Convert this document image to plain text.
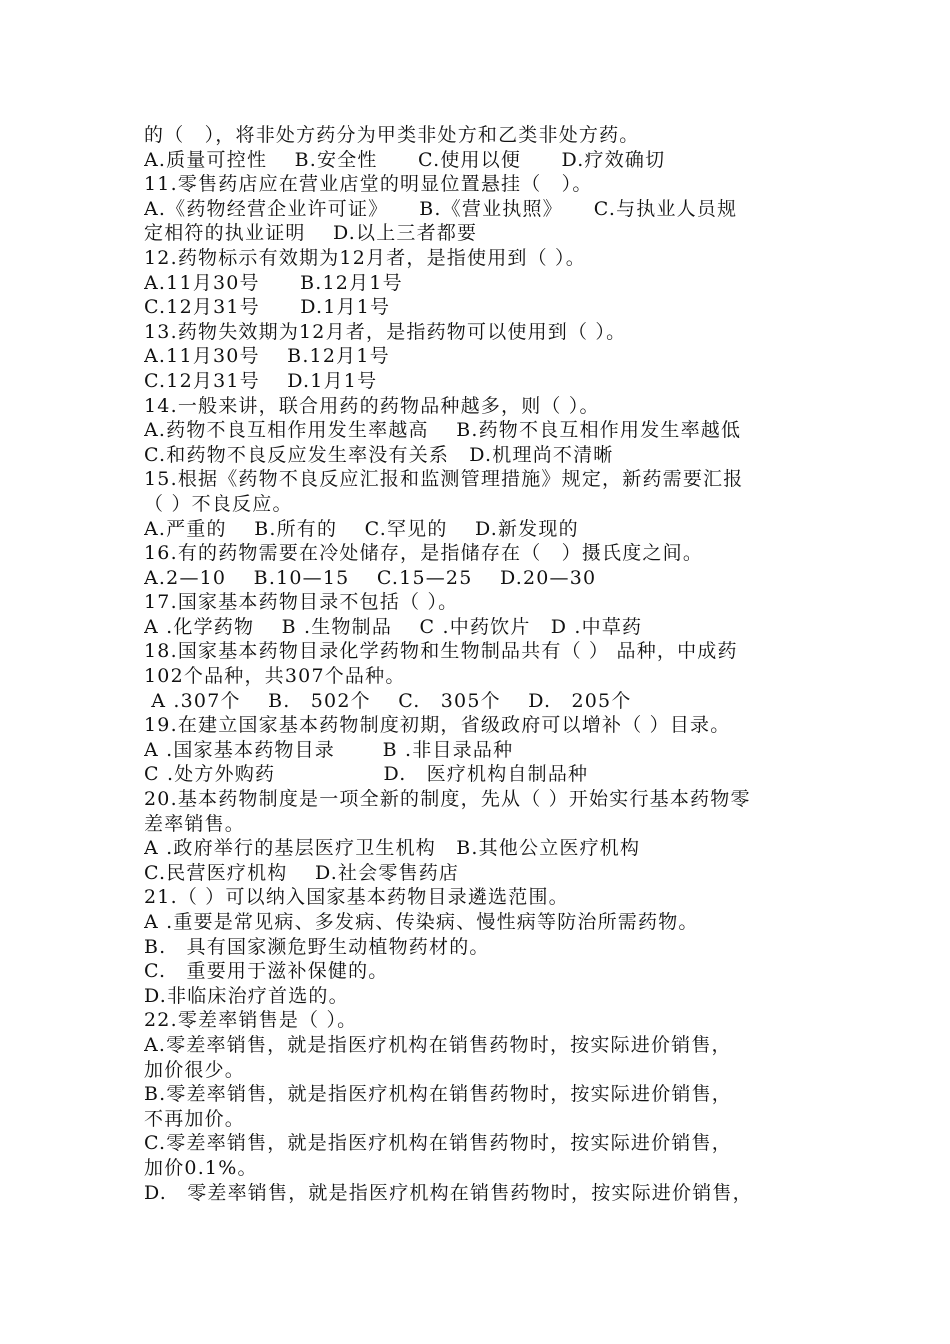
的（　），将非处方药分为甲类非处方和乙类非处方药。
A.质量可控性　 B.安全性　　C.使用以便　　D.疗效确切
11.零售药店应在营业店堂的明显位置悬挂（　）。
A.《药物经营企业许可证》　　B.《营业执照》　　C.与执业人员规
定相符的执业证明　 D.以上三者都要
12.药物标示有效期为12月者，是指使用到（ ）。
A.11月30号　　B.12月1号
C.12月31号　　D.1月1号
13.药物失效期为12月者，是指药物可以使用到（ ）。
A.11月30号　 B.12月1号
C.12月31号　 D.1月1号
14.一般来讲，联合用药的药物品种越多，则（ ）。
A.药物不良互相作用发生率越高　 B.药物不良互相作用发生率越低
C.和药物不良反应发生率没有关系　D.机理尚不清晰
15.根据《药物不良反应汇报和监测管理措施》规定，新药需要汇报
（ ）不良反应。
A.严重的　 B.所有的　 C.罕见的　 D.新发现的
16.有的药物需要在冷处储存，是指储存在（　）摄氏度之间。
A.2—10　 B.10—15　 C.15—25　 D.20—30
17.国家基本药物目录不包括（ ）。
A .化学药物　 B .生物制品　 C .中药饮片　D .中草药
18.国家基本药物目录化学药物和生物制品共有（ ） 品种，中成药
102个品种，共307个品种。
A .307个　 B.　502个　 C.　305个　 D.　205个
19.在建立国家基本药物制度初期，省级政府可以增补（ ）目录。
A .国家基本药物目录　　 B .非目录品种
C .处方外购药　　　　　 D.　医疗机构自制品种
20.基本药物制度是一项全新的制度，先从（ ）开始实行基本药物零
差率销售。
A .政府举行的基层医疗卫生机构　B.其他公立医疗机构
C.民营医疗机构　 D.社会零售药店
21.（ ）可以纳入国家基本药物目录遴选范围。
A .重要是常见病、多发病、传染病、慢性病等防治所需药物。
B.　具有国家濒危野生动植物药材的。
C.　重要用于滋补保健的。
D.非临床治疗首选的。
22.零差率销售是（ ）。
A.零差率销售，就是指医疗机构在销售药物时，按实际进价销售，
加价很少。
B.零差率销售，就是指医疗机构在销售药物时，按实际进价销售，
不再加价。
C.零差率销售，就是指医疗机构在销售药物时，按实际进价销售，
加价0.1%。
D.　零差率销售，就是指医疗机构在销售药物时，按实际进价销售，
